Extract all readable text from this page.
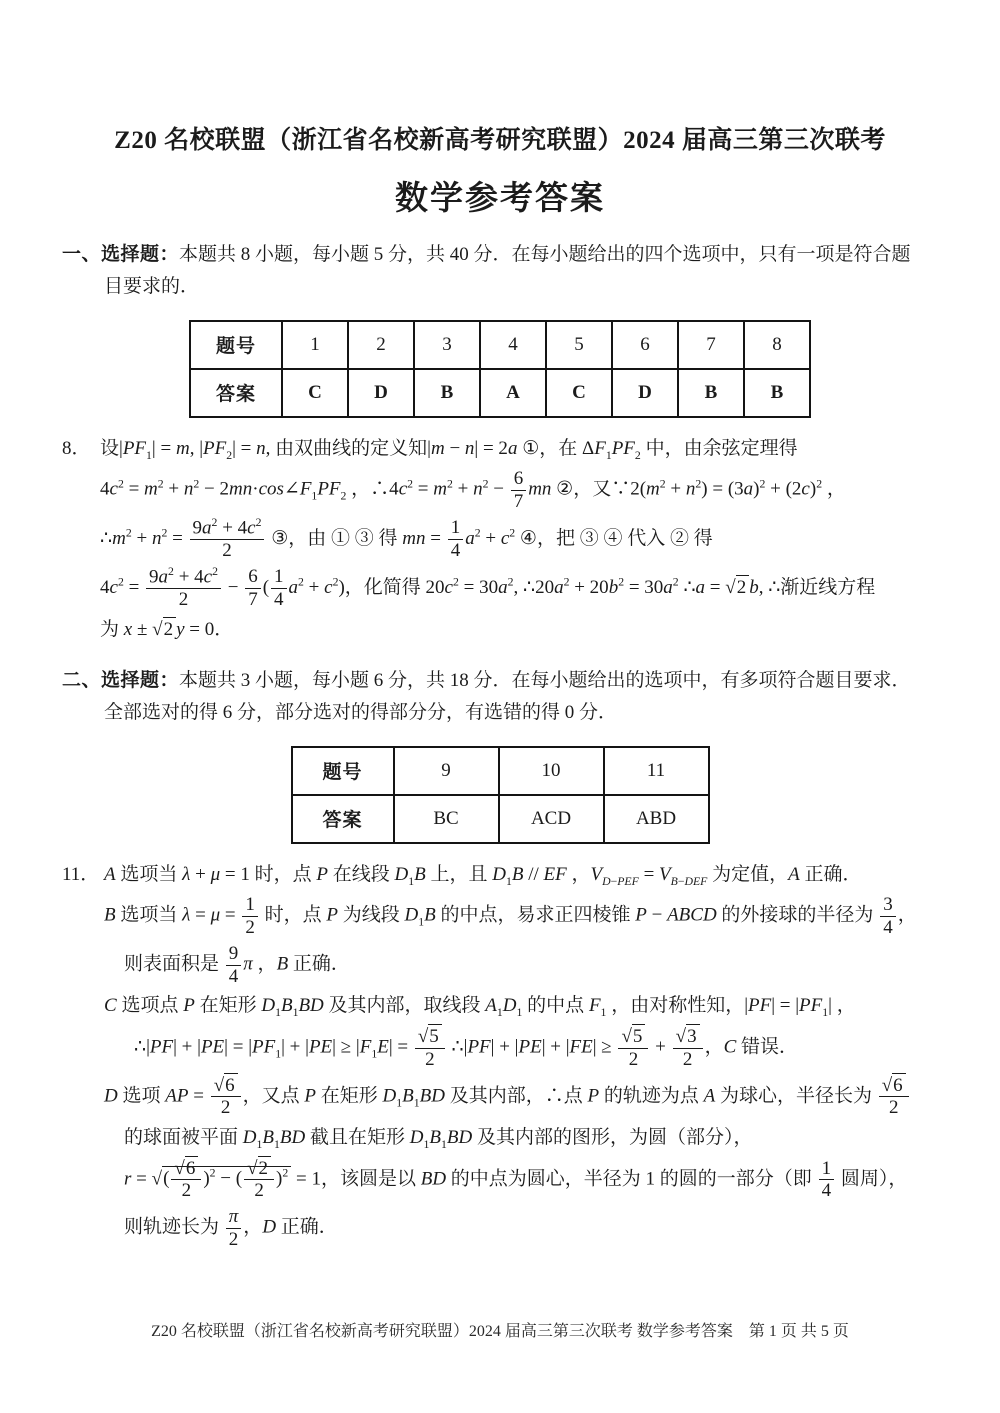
Z20 名校联盟（浙江省名校新高考研究联盟）2024 届高三第三次联考
数学参考答案
一、选择题：本题共 8 小题，每小题 5 分，共 40 分．在每小题给出的四个选项中，只有一项是符合题目要求的．
题号	1	2	3	4	5	6	7	8
答案	C	D	B	A	C	D	B	B
8． 设$|PF_1| = m$, $|PF_2| = n$, 由双曲线的定义知|m − n| = 2a ①，在 $\Delta F_1PF_2$ 中，由余弦定理得
$4c^2 = m^2 + n^2$ − $2mn\cdot\cos\angle F_1PF_2$ ，$\therefore 4c^2 = m^2 + n^2 - \frac{6}{7}$ mn ②，又$\because 2(m^2 + n^2) = (3a)^2 + (2c)^2$ ，
$\therefore m^2 + n^2 = \frac{9a^2 + 4c^2}{2}$ ③，由 ① ③ 得 mn = $\frac{1}{4} a^2 + c^2$ ④，把 ③ ④ 代入 ② 得
$4c^2 = \frac{9a^2 + 4c^2}{2} - \frac{6}{7}$ ( $\frac{1}{4} a^2 + c^2$)，化简得 $20c^2 = 30a^2$, $\therefore 20a^2 + 20b^2 = 30a^2$ ∴a = √2 b, ∴渐近线方程
为 x ± √2 y = 0．
二、选择题：本题共 3 小题，每小题 6 分，共 18 分．在每小题给出的选项中，有多项符合题目要求．全部选对的得 6 分，部分选对的得部分分，有选错的得 0 分．
题号	9	10	11
答案	BC	ACD	ABD
11． A 选项当 λ + μ = 1 时，点 P 在线段 $D_1B$ 上，且 $D_1B$ // EF ，$V_{D-PEF} = V_{B-DEF}$ 为定值，A 正确．
B 选项当 $\lambda = \mu = \frac{1}{2}$ 时，点 P 为线段 $D_1B$ 的中点，易求正四棱锥 P − ABCD 的外接球的半径为 $\frac{3}{4}$ ，
则表面积是 $\frac{9}{4}$ π ，B 正确．
C 选项点 P 在矩形 $D_1B_1BD$ 及其内部，取线段 $A_1D_1$ 的中点 $F_1$ ，由对称性知，$|PF| = |PF_1|$ ，
∴|PF| + $|PE| = |PF_1| + |PE| \ge |F_1E| = \frac{√5}{2}$ ∴|PF| + $|PE| + |FE| \ge \frac{√5}{2} + \frac{√3}{2}$ ，C 错误．
D 选项 AP = $\frac{√6}{2}$ ，又点 P 在矩形 $D_1B_1BD$ 及其内部，∴点 P 的轨迹为点 A 为球心，半径长为 $\frac{√6}{2}$
的球面被平面 $D_1B_1BD$ 截且在矩形 $D_1B_1BD$ 及其内部的图形，为圆（部分），
r = √( $\frac{√6}{2} )^2$ − ( $\frac{√2}{2} )^2 = 1$，该圆是以 BD 的中点为圆心，半径为 1 的圆的一部分（即 $\frac{1}{4}$ 圆周），
则轨迹长为 $\frac{\pi}{2}$ ，D 正确．
Z20 名校联盟（浙江省名校新高考研究联盟）2024 届高三第三次联考 数学参考答案　第 1 页 共 5 页
